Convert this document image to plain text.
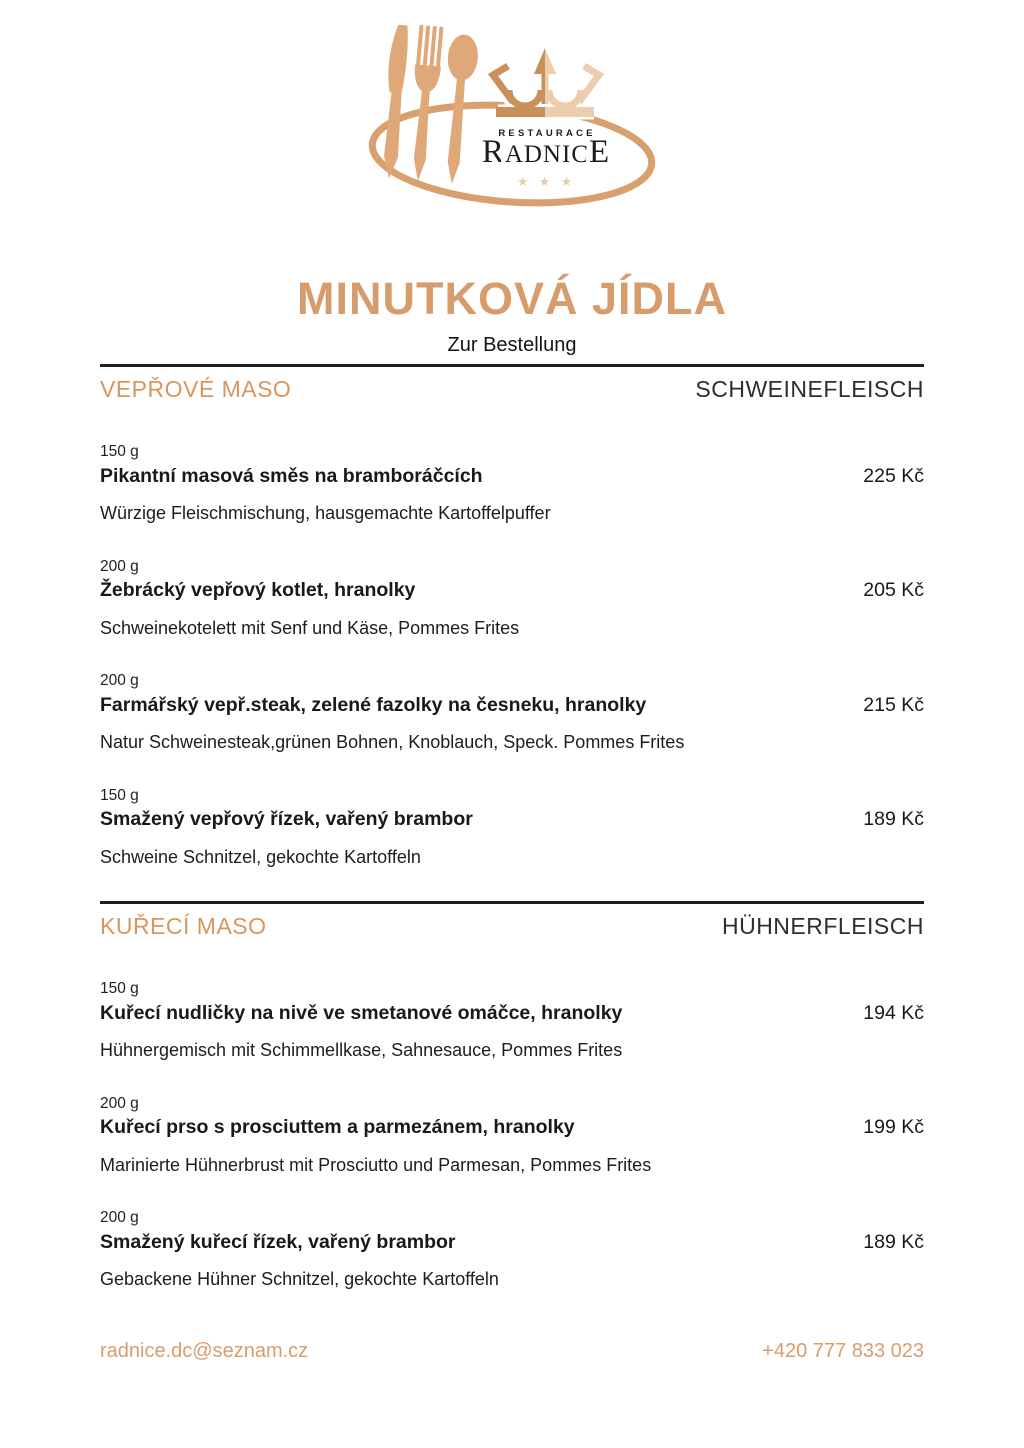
RESTAURACE
RADNICE
★ ★ ★
MINUTKOVÁ JÍDLA
Zur Bestellung
VEPŘOVÉ MASO	SCHWEINEFLEISCH
150 g
Pikantní masová směs na bramboráčcích	225 Kč
Würzige Fleischmischung, hausgemachte Kartoffelpuffer
200 g
Žebrácký vepřový kotlet, hranolky	205 Kč
Schweinekotelett mit Senf und Käse, Pommes Frites
200 g
Farmářský vepř.steak, zelené fazolky na česneku, hranolky	215 Kč
Natur Schweinesteak,grünen Bohnen, Knoblauch, Speck. Pommes Frites
150 g
Smažený vepřový řízek, vařený brambor	189 Kč
Schweine Schnitzel, gekochte Kartoffeln
KUŘECÍ MASO	HÜHNERFLEISCH
150 g
Kuřecí nudličky na nivě ve smetanové omáčce, hranolky	194 Kč
Hühnergemisch mit Schimmellkase, Sahnesauce, Pommes Frites
200 g
Kuřecí prso s prosciuttem a parmezánem, hranolky	199 Kč
Marinierte Hühnerbrust mit Prosciutto und Parmesan, Pommes Frites
200 g
Smažený kuřecí řízek, vařený brambor	189 Kč
Gebackene Hühner Schnitzel, gekochte Kartoffeln
radnice.dc@seznam.cz	+420 777 833 023
